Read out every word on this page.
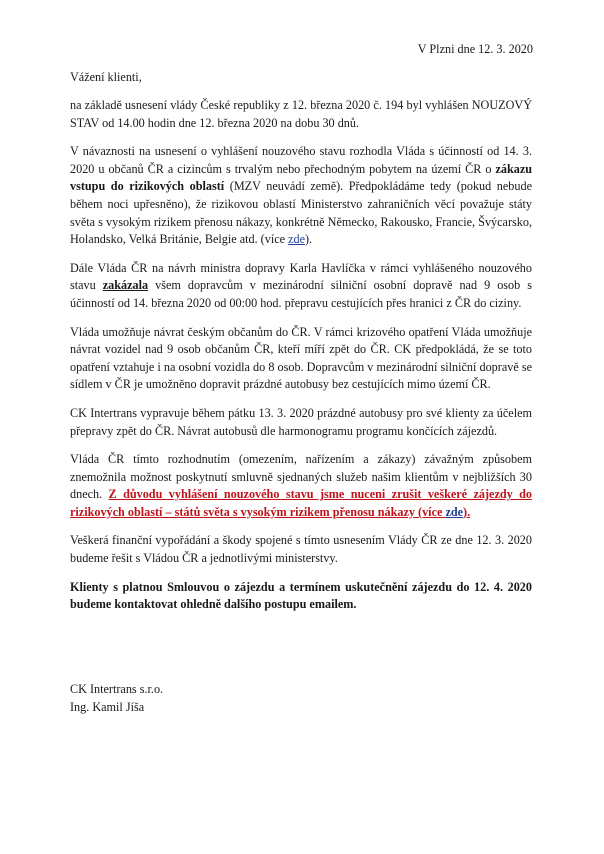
V Plzni dne 12. 3. 2020
Vážení klienti,

na základě usnesení vlády České republiky z 12. března 2020 č. 194 byl vyhlášen NOUZOVÝ STAV od 14.00 hodin dne 12. března 2020 na dobu 30 dnů.

V návaznosti na usnesení o vyhlášení nouzového stavu rozhodla Vláda s účinností od 14. 3. 2020 u občanů ČR a cizincům s trvalým nebo přechodným pobytem na území ČR o zákazu vstupu do rizikových oblastí (MZV neuvádí země). Předpokládáme tedy (pokud nebude během noci upřesněno), že rizikovou oblastí Ministerstvo zahraničních věcí považuje státy světa s vysokým rizikem přenosu nákazy, konkrétně Německo, Rakousko, Francie, Švýcarsko, Holandsko, Velká Británie, Belgie atd. (více zde).

Dále Vláda ČR na návrh ministra dopravy Karla Havlíčka v rámci vyhlášeného nouzového stavu zakázala všem dopravcům v mezinárodní silniční osobní dopravě nad 9 osob s účinností od 14. března 2020 od 00:00 hod. přepravu cestujících přes hranici z ČR do ciziny.

Vláda umožňuje návrat českým občanům do ČR. V rámci krizového opatření Vláda umožňuje návrat vozidel nad 9 osob občanům ČR, kteří míří zpět do ČR. CK předpokládá, že se toto opatření vztahuje i na osobní vozidla do 8 osob. Dopravcům v mezinárodní silniční dopravě se sídlem v ČR je umožněno dopravit prázdné autobusy bez cestujících mimo území ČR.

CK Intertrans vypravuje během pátku 13. 3. 2020 prázdné autobusy pro své klienty za účelem přepravy zpět do ČR. Návrat autobusů dle harmonogramu programu končících zájezdů.

Vláda ČR tímto rozhodnutím (omezením, nařízením a zákazy) závažným způsobem znemožnila možnost poskytnutí smluvně sjednaných služeb našim klientům v nejbližších 30 dnech. Z důvodu vyhlášení nouzového stavu jsme nuceni zrušit veškeré zájezdy do rizikových oblastí – států světa s vysokým rizikem přenosu nákazy (více zde).

Veškerá finanční vypořádání a škody spojené s tímto usnesením Vlády ČR ze dne 12. 3. 2020 budeme řešit s Vládou ČR a jednotlivými ministerstvy.

Klienty s platnou Smlouvou o zájezdu a termínem uskutečnění zájezdu do 12. 4. 2020 budeme kontaktovat ohledně dalšího postupu emailem.

CK Intertrans s.r.o.
Ing. Kamil Jíša
